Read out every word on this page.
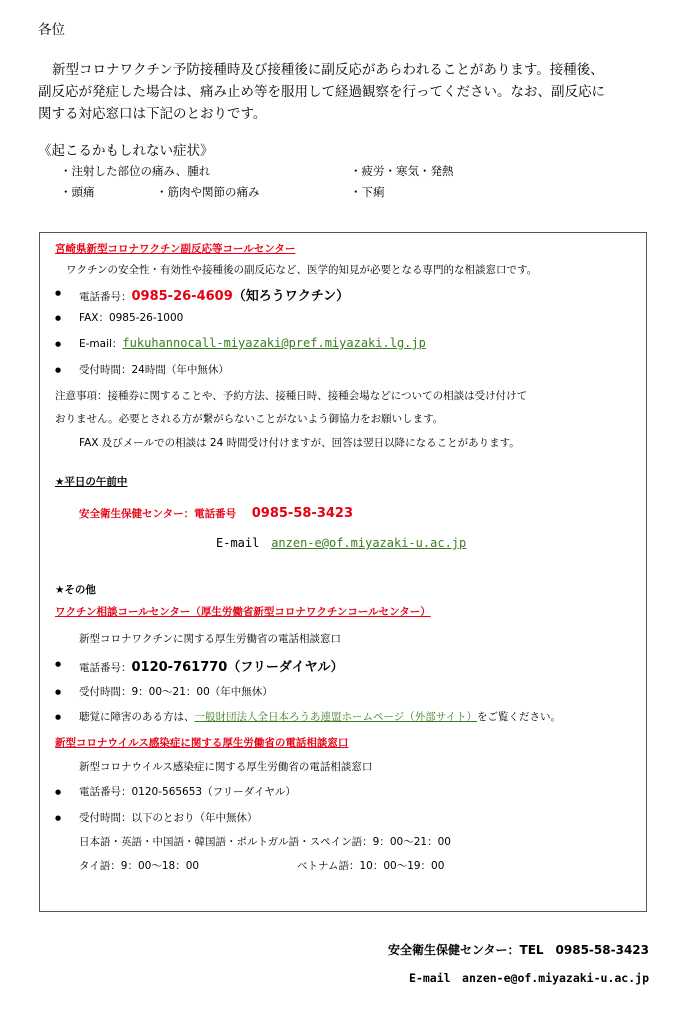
各位
新型コロナワクチン予防接種時及び接種後に副反応があらわれることがあります。接種後、
副反応が発症した場合は、痛み止め等を服用して経過観察を行ってください。なお、副反応に
関する対応窓口は下記のとおりです。
《起こるかもしれない症状》
・注射した部位の痛み、腫れ	・疲労・寒気・発熱
・頭痛	・筋肉や関節の痛み	・下痢
宮崎県新型コロナワクチン副反応等コールセンター
ワクチンの安全性・有効性や接種後の副反応など、医学的知見が必要となる専門的な相談窓口です。
● 電話番号：0985-26-4609（知ろうワクチン）
● FAX：0985-26-1000
● E-mail：fukuhannocall-miyazaki@pref.miyazaki.lg.jp
● 受付時間：24時間（年中無休）
注意事項：接種券に関することや、予約方法、接種日時、接種会場などについての相談は受け付けて
おりません。必要とされる方が繋がらないことがないよう御協力をお願いします。
FAX 及びメールでの相談は 24 時間受け付けますが、回答は翌日以降になることがあります。
★平日の午前中
安全衛生保健センター：電話番号 0985-58-3423
E-mail anzen-e@of.miyazaki-u.ac.jp
★その他
ワクチン相談コールセンター（厚生労働省新型コロナワクチンコールセンター）
新型コロナワクチンに関する厚生労働省の電話相談窓口
● 電話番号：0120-761770（フリーダイヤル）
● 受付時間：9：00〜21：00（年中無休）
● 聴覚に障害のある方は、一般財団法人全日本ろうあ連盟ホームページ（外部サイト）をご覧ください。
新型コロナウイルス感染症に関する厚生労働省の電話相談窓口
新型コロナウイルス感染症に関する厚生労働省の電話相談窓口
● 電話番号：0120-565653（フリーダイヤル）
● 受付時間：以下のとおり（年中無休）
日本語・英語・中国語・韓国語・ポルトガル語・スペイン語：9：00〜21：00
タイ語：9：00〜18：00	ベトナム語：10：00〜19：00
安全衛生保健センター：TEL　0985-58-3423
E-mail　anzen-e@of.miyazaki-u.ac.jp
